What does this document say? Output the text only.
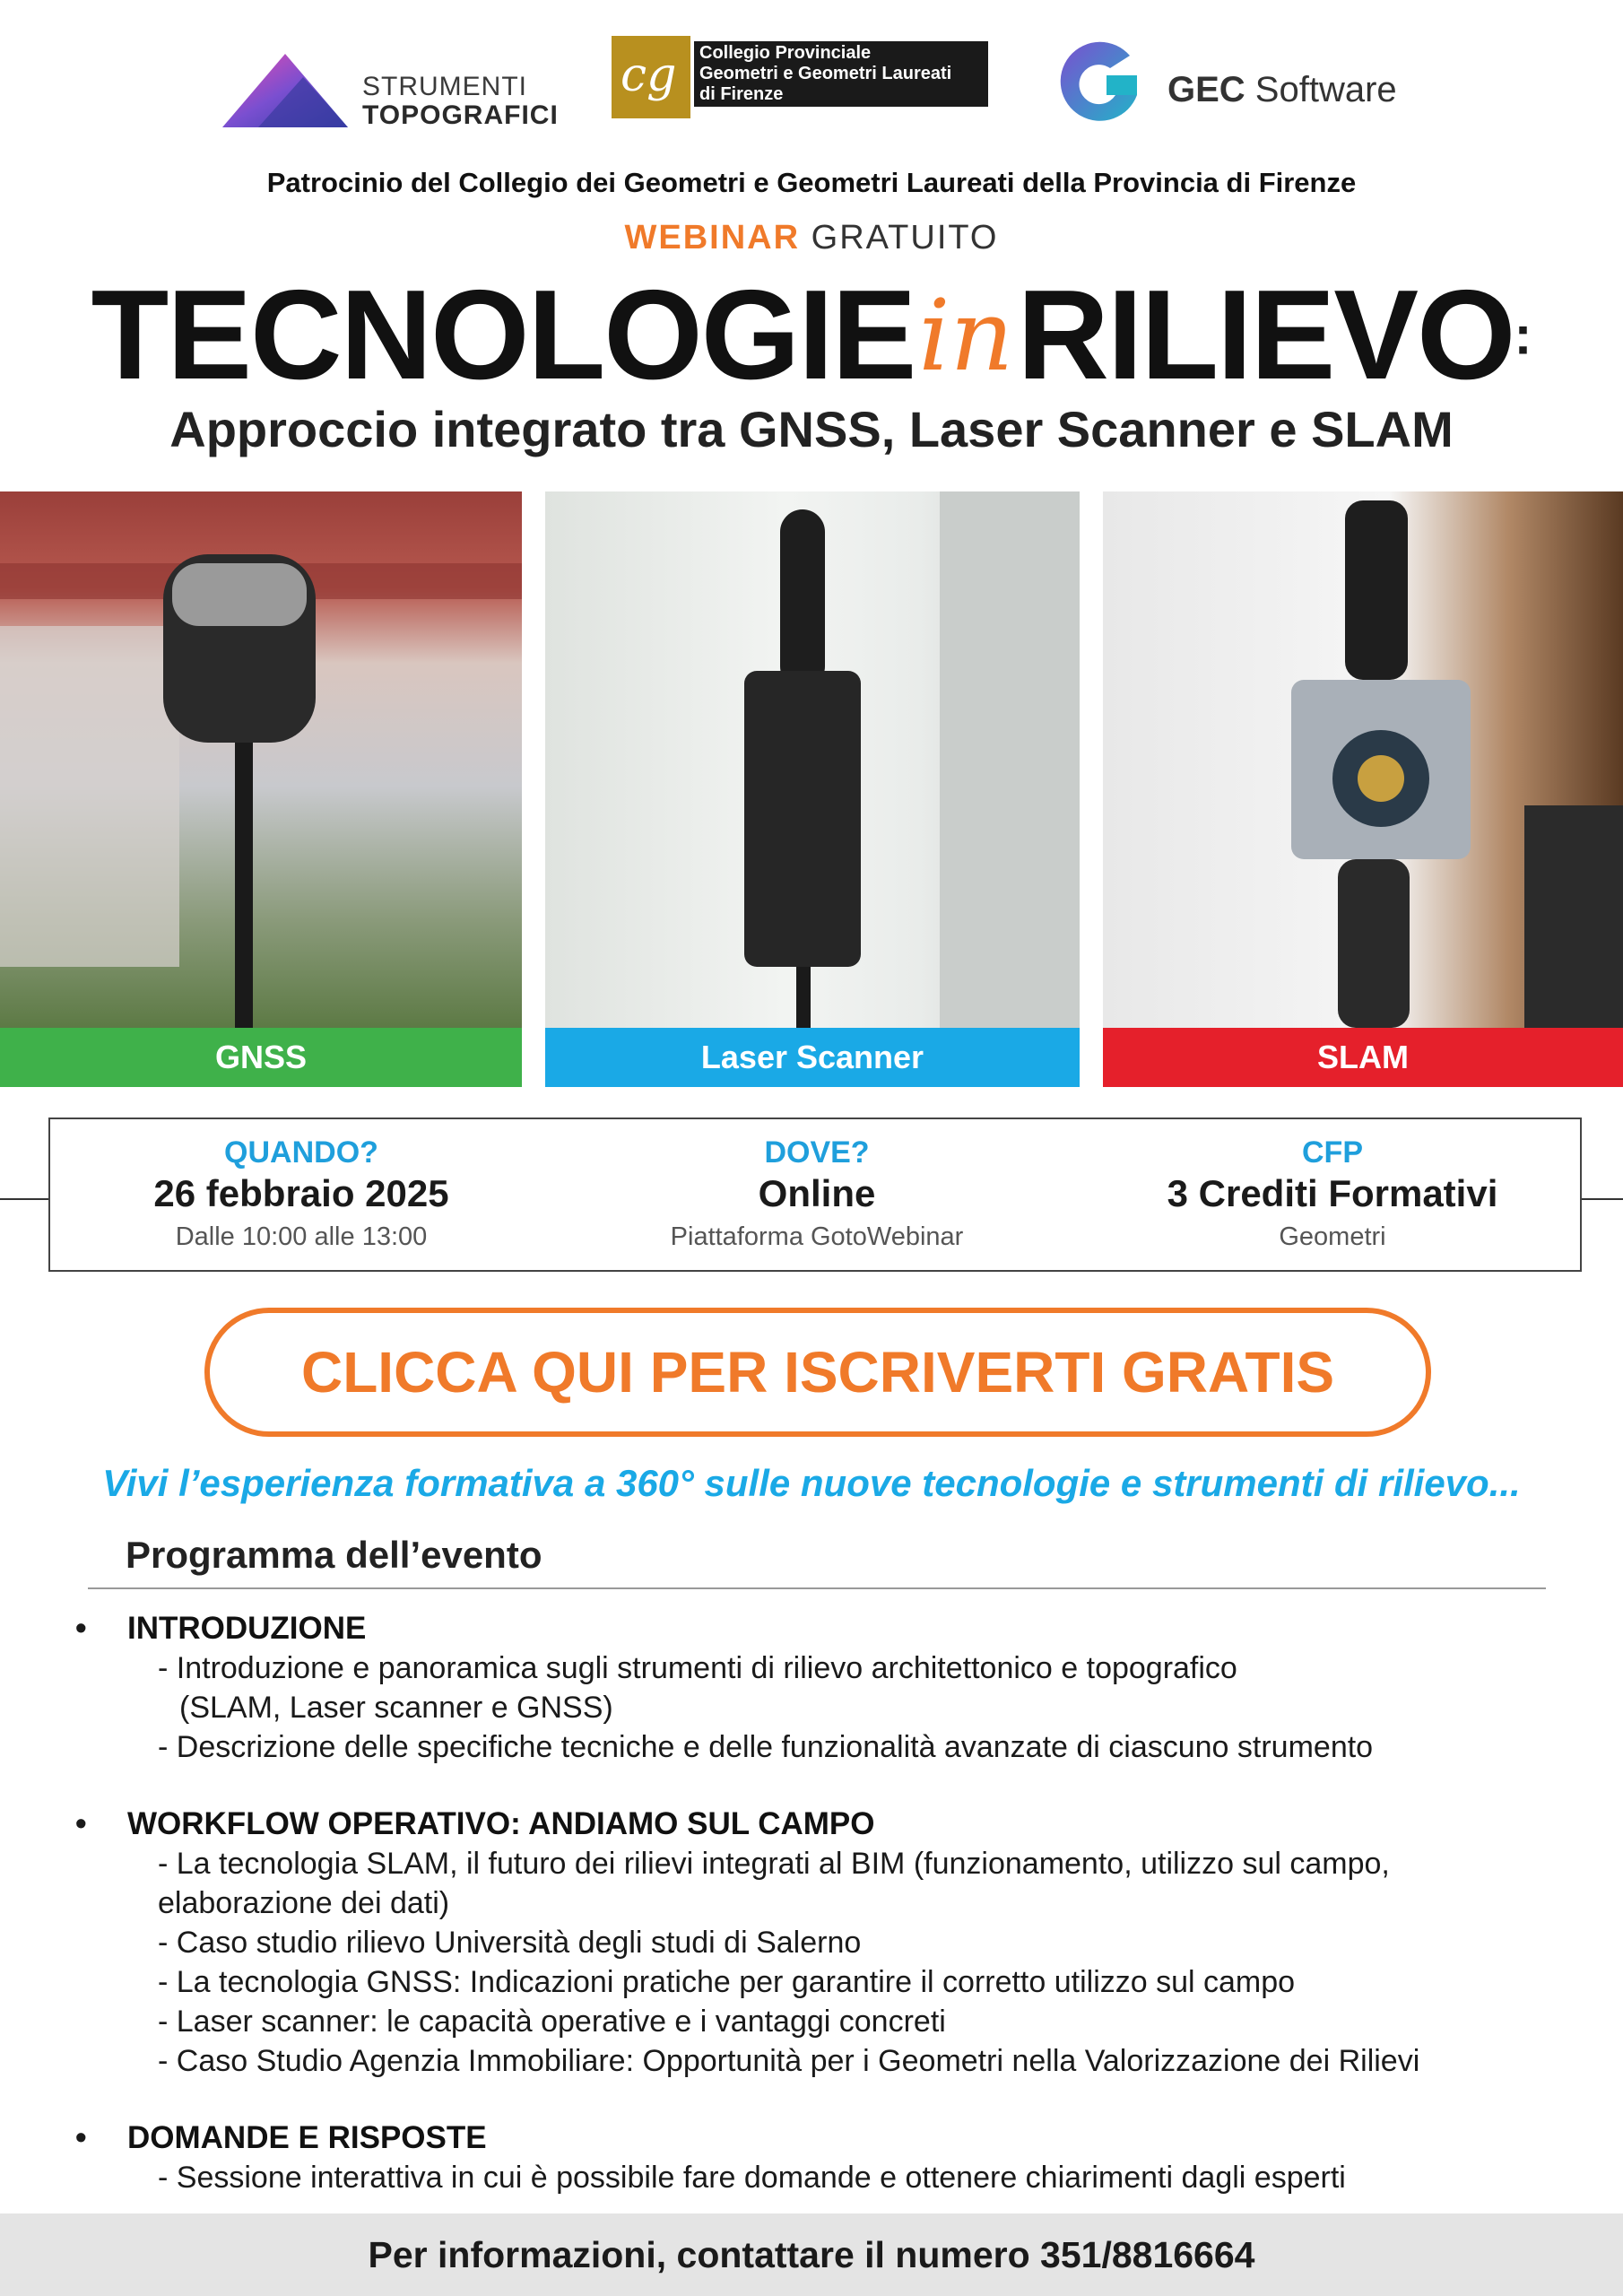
STRUMENTI
TOPOGRAFICI
cg Collegio Provinciale
Geometri e Geometri Laureati
di Firenze	GEC Software
Patrocinio del Collegio dei Geometri e Geometri Laureati della Provincia di Firenze
WEBINAR GRATUITO
TECNOLOGIEinRILIEVO:
Approccio integrato tra GNSS, Laser Scanner e SLAM
GNSS	Laser Scanner	SLAM
QUANDO?
26 febbraio 2025
Dalle 10:00 alle 13:00
DOVE?
Online
Piattaforma GotoWebinar
CFP
3 Crediti Formativi
Geometri
CLICCA QUI PER ISCRIVERTI GRATIS
Vivi l’esperienza formativa a 360° sulle nuove tecnologie e strumenti di rilievo...
Programma dell’evento
• INTRODUZIONE
- Introduzione e panoramica sugli strumenti di rilievo architettonico e topografico
(SLAM, Laser scanner e GNSS)
- Descrizione delle specifiche tecniche e delle funzionalità avanzate di ciascuno strumento
• WORKFLOW OPERATIVO: ANDIAMO SUL CAMPO
- La tecnologia SLAM, il futuro dei rilievi integrati al BIM (funzionamento, utilizzo sul campo,
elaborazione dei dati)
- Caso studio rilievo Università degli studi di Salerno
- La tecnologia GNSS: Indicazioni pratiche per garantire il corretto utilizzo sul campo
- Laser scanner: le capacità operative e i vantaggi concreti
- Caso Studio Agenzia Immobiliare: Opportunità per i Geometri nella Valorizzazione dei Rilievi
• DOMANDE E RISPOSTE
- Sessione interattiva in cui è possibile fare domande e ottenere chiarimenti dagli esperti
Per informazioni, contattare il numero 351/8816664
